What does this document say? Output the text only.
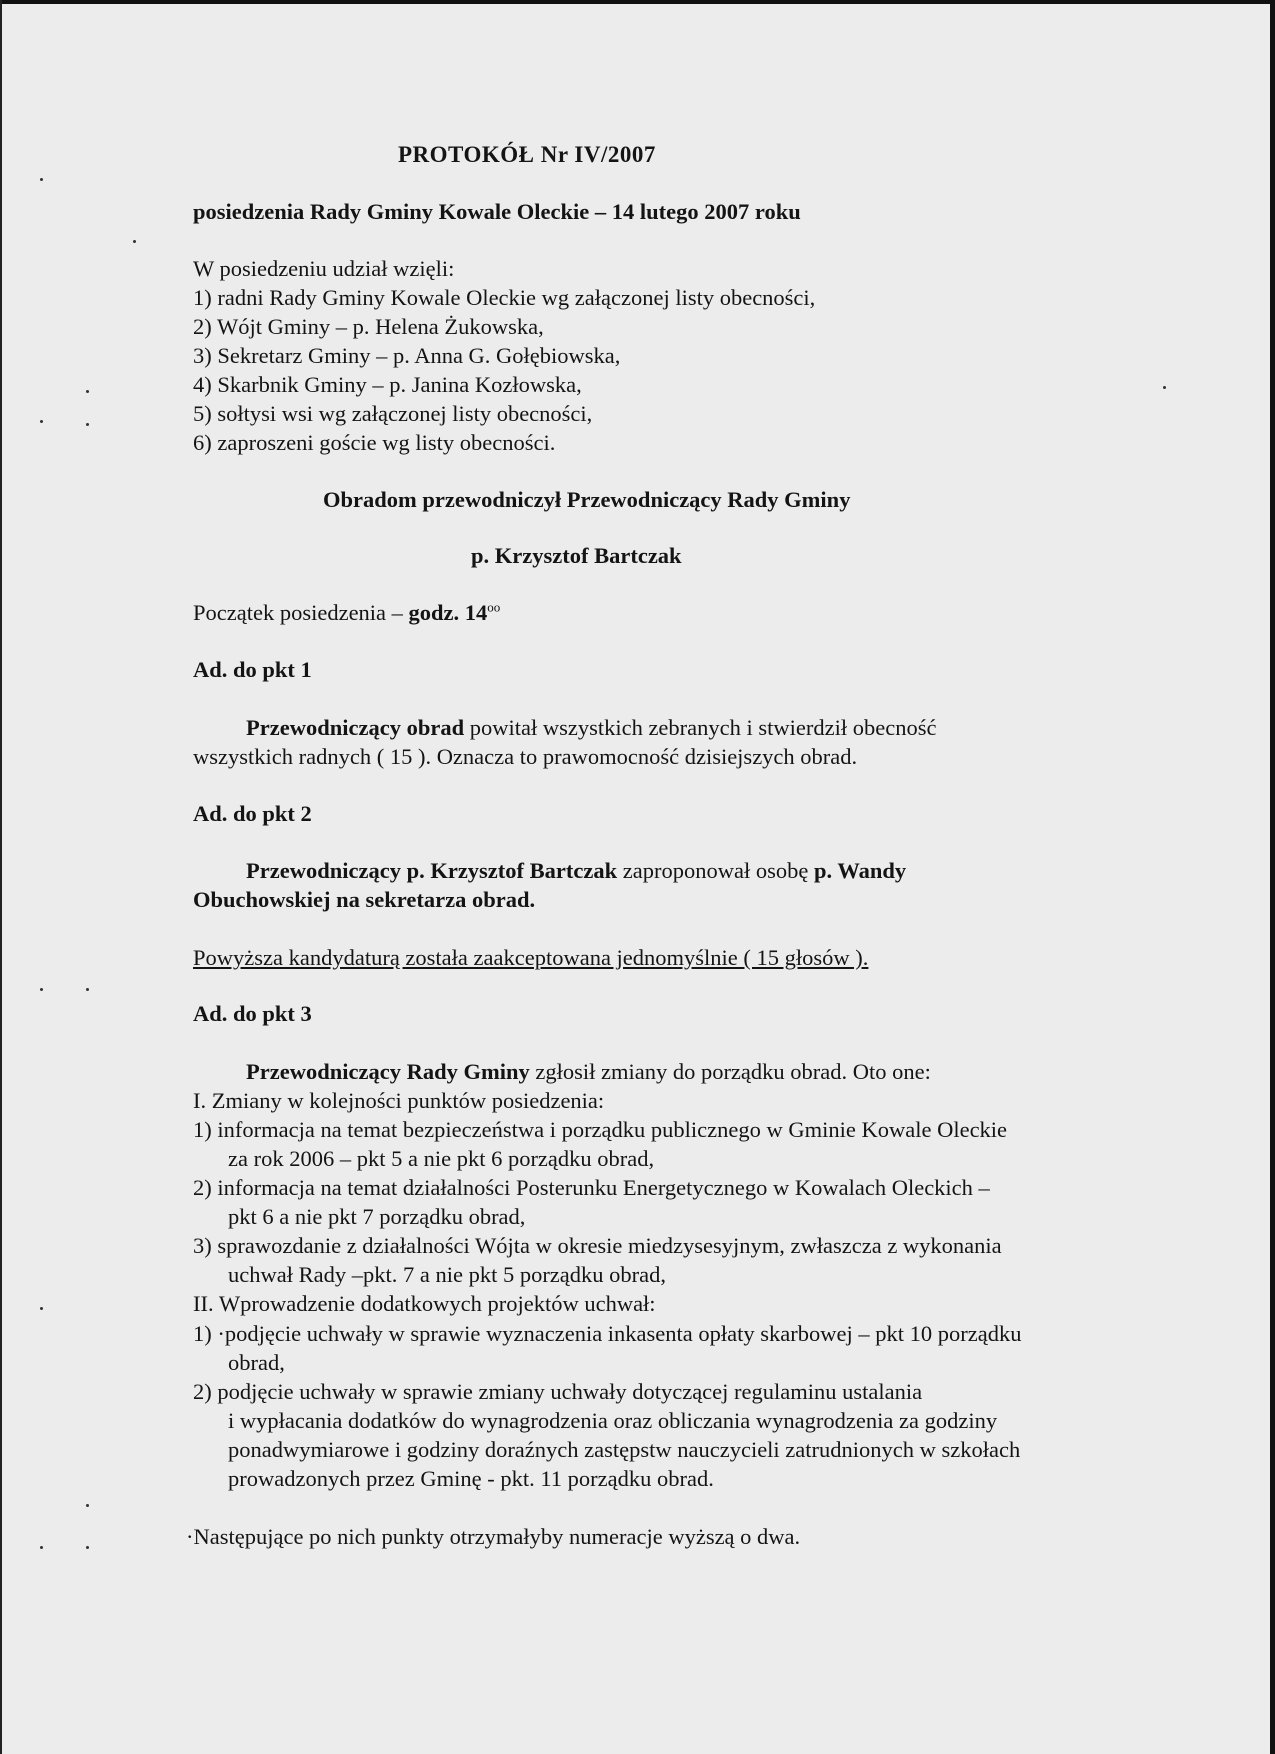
PROTOKÓŁ Nr IV/2007
posiedzenia Rady Gminy Kowale Oleckie – 14 lutego 2007 roku
W posiedzeniu udział wzięli:
1) radni Rady Gminy Kowale Oleckie wg załączonej listy obecności,
2) Wójt Gminy – p. Helena Żukowska,
3) Sekretarz Gminy – p. Anna G. Gołębiowska,
4) Skarbnik Gminy – p. Janina Kozłowska,
5) sołtysi wsi wg załączonej listy obecności,
6) zaproszeni goście wg listy obecności.
Obradom przewodniczył Przewodniczący Rady Gminy
p. Krzysztof Bartczak
Początek posiedzenia – godz. $14^{oo}$
Ad. do pkt 1
Przewodniczący obrad powitał wszystkich zebranych i stwierdził obecność
wszystkich radnych ( 15 ). Oznacza to prawomocność dzisiejszych obrad.
Ad. do pkt 2
Przewodniczący p. Krzysztof Bartczak zaproponował osobę p. Wandy
Obuchowskiej na sekretarza obrad.
Powyższa kandydaturą została zaakceptowana jednomyślnie ( 15 głosów ).
Ad. do pkt 3
Przewodniczący Rady Gminy zgłosił zmiany do porządku obrad. Oto one:
I. Zmiany w kolejności punktów posiedzenia:
1) informacja na temat bezpieczeństwa i porządku publicznego w Gminie Kowale Oleckie
za rok 2006 – pkt 5 a nie pkt 6 porządku obrad,
2) informacja na temat działalności Posterunku Energetycznego w Kowalach Oleckich –
pkt 6 a nie pkt 7 porządku obrad,
3) sprawozdanie z działalności Wójta w okresie miedzysesyjnym, zwłaszcza z wykonania
uchwał Rady –pkt. 7 a nie pkt 5 porządku obrad,
II. Wprowadzenie dodatkowych projektów uchwał:
1) ·podjęcie uchwały w sprawie wyznaczenia inkasenta opłaty skarbowej – pkt 10 porządku
obrad,
2) podjęcie uchwały w sprawie zmiany uchwały dotyczącej regulaminu ustalania
i wypłacania dodatków do wynagrodzenia oraz obliczania wynagrodzenia za godziny
ponadwymiarowe i godziny doraźnych zastępstw nauczycieli zatrudnionych w szkołach
prowadzonych przez Gminę - pkt. 11 porządku obrad.
·Następujące po nich punkty otrzymałyby numeracje wyższą o dwa.
